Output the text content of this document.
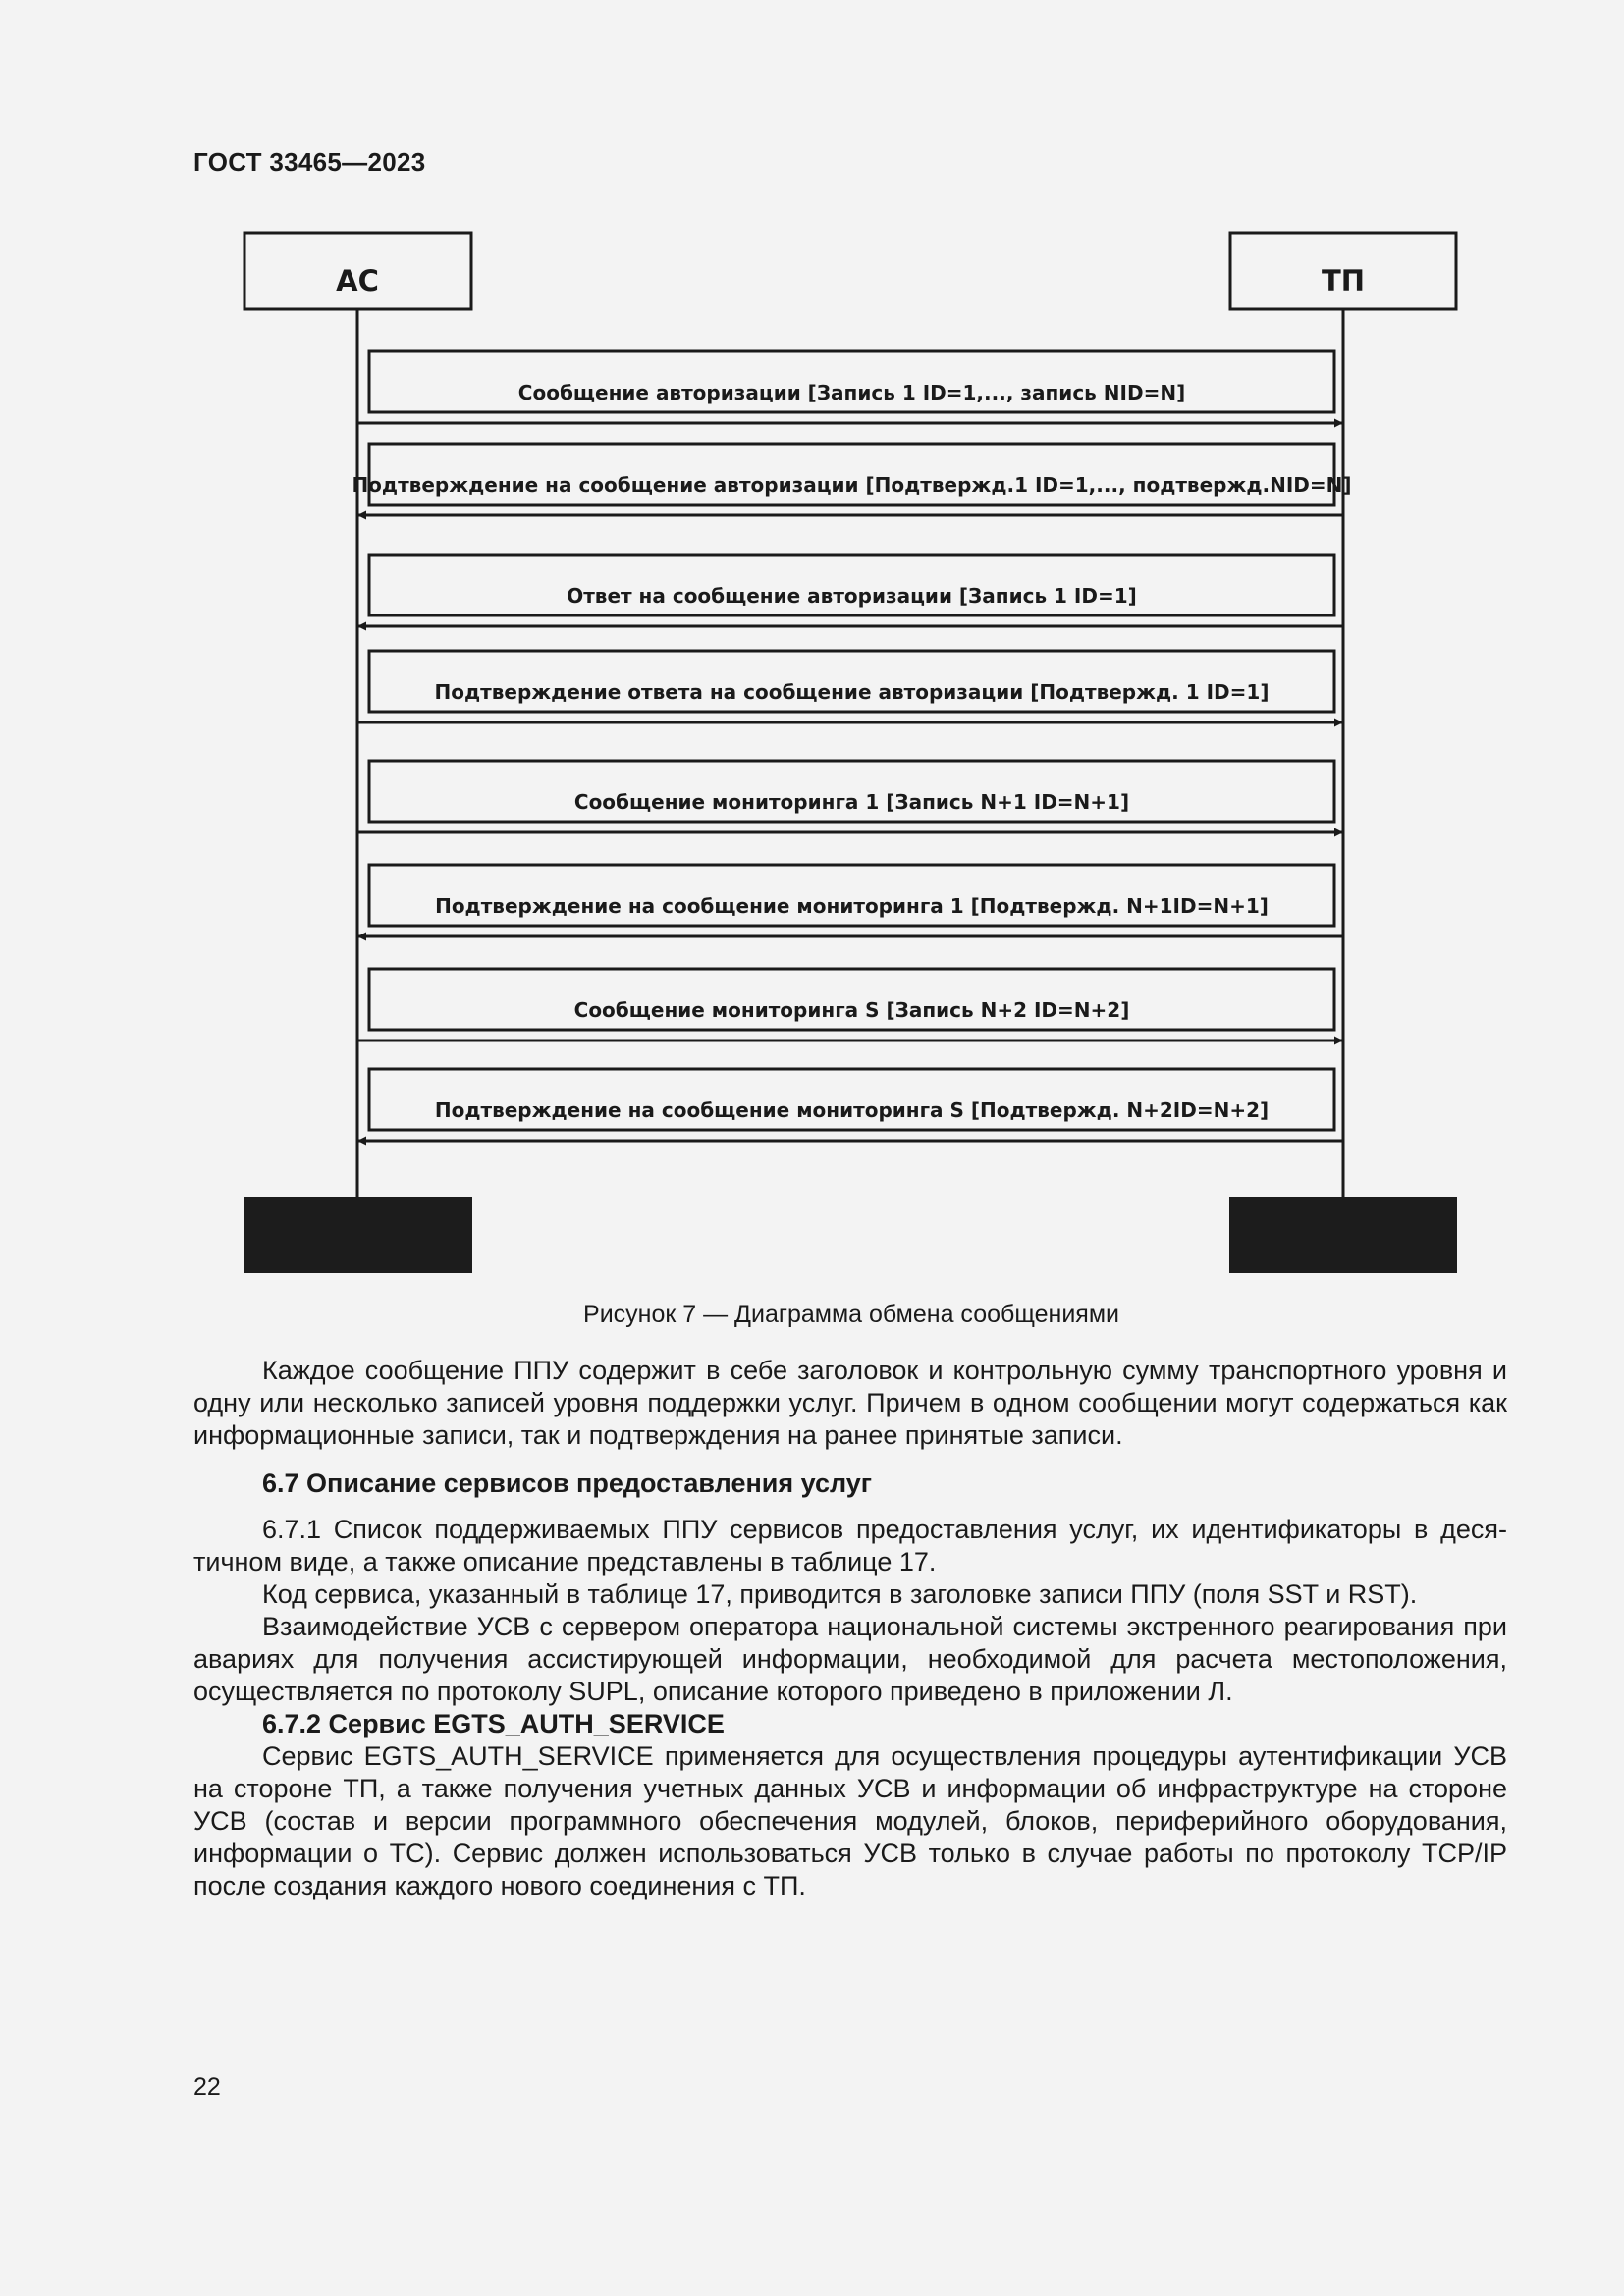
ГОСТ 33465—2023
АС	ТП
Сообщение авторизации [Запись 1 ID=1,..., запись NID=N]
Подтверждение на сообщение авторизации [Подтвержд.1 ID=1,..., подтвержд.NID=N]
Ответ на сообщение авторизации [Запись 1 ID=1]
Подтверждение ответа на сообщение авторизации [Подтвержд. 1 ID=1]
Сообщение мониторинга 1 [Запись N+1 ID=N+1]
Подтверждение на сообщение мониторинга 1 [Подтвержд. N+1ID=N+1]
Сообщение мониторинга S [Запись N+2 ID=N+2]
Подтверждение на сообщение мониторинга S [Подтвержд. N+2ID=N+2]
Рисунок 7 — Диаграмма обмена сообщениями

Каждое сообщение ППУ содержит в себе заголовок и контрольную сумму транспортного уровня и одну или несколько записей уровня поддержки услуг. Причем в одном сообщении могут содержаться как информационные записи, так и подтверждения на ранее принятые записи.

6.7 Описание сервисов предоставления услуг

6.7.1 Список поддерживаемых ППУ сервисов предоставления услуг, их идентификаторы в десятичном виде, а также описание представлены в таблице 17.

Код сервиса, указанный в таблице 17, приводится в заголовке записи ППУ (поля SST и RST).

Взаимодействие УСВ с сервером оператора национальной системы экстренного реагирования при авариях для получения ассистирующей информации, необходимой для расчета местоположения, осуществляется по протоколу SUPL, описание которого приведено в приложении Л.

6.7.2 Сервис EGTS_AUTH_SERVICE

Сервис EGTS_AUTH_SERVICE применяется для осуществления процедуры аутентификации УСВ на стороне ТП, а также получения учетных данных УСВ и информации об инфраструктуре на стороне УСВ (состав и версии программного обеспечения модулей, блоков, периферийного оборудования, информации о ТС). Сервис должен использоваться УСВ только в случае работы по протоколу TCP/IP после создания каждого нового соединения с ТП.

22
